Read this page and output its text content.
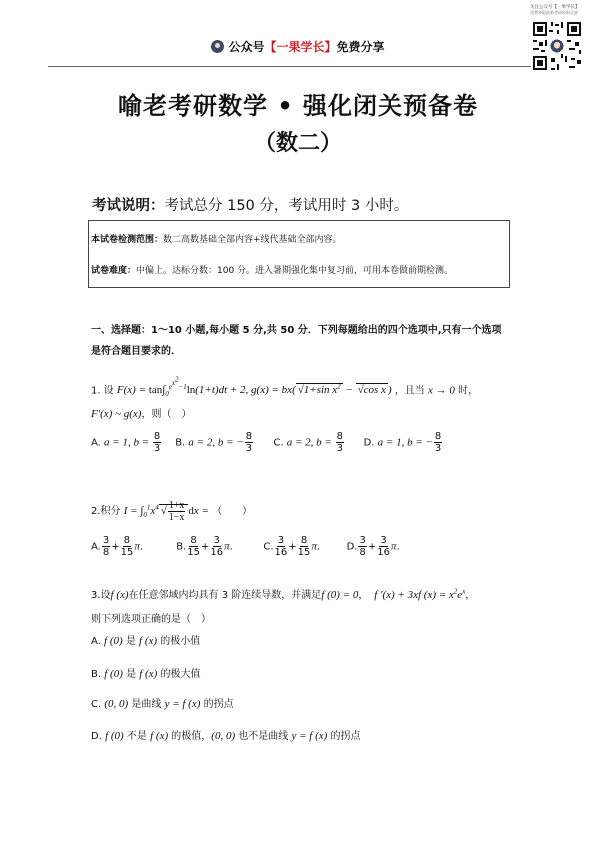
公众号【一果学长】免费分享
关注公众号【一果学长】
免费领取最新考研资料全部
喻老考研数学 • 强化闭关预备卷
（数二）
考试说明：考试总分 150 分，考试用时 3 小时。
本试卷检测范围：数二高数基础全部内容+线代基础全部内容。
试卷难度：中偏上。达标分数：100 分。进入暑期强化集中复习前，可用本卷做前期检测。
一、选择题：1～10 小题,每小题 5 分,共 50 分．下列每题给出的四个选项中,只有一个选项
是符合题目要求的．
1. 设 $F(x) = \tan\int_0^{e^{x^2}-1}\ln(1+t)dt + 2$, g(x) = bx( √1+sin $x^2 - √\cos$ x ) ，且当 x → 0 时，
F'(x) ~ g(x)，则（　）
A. a = 1, $b = \frac{8}{3} B$. a = 2, b = − $\frac{8}{3} C$. a = 2, $b = \frac{8}{3} D$. a = 1, b = − $\frac{8}{3}$
2.积分 $I = \int_0^1x^4$ √ $\frac{1+x}{1-x}$ dx = （　　）
A. $\frac{3}{8} + \frac{8}{15} \pi$.	B. $\frac{8}{15} + \frac{3}{16} \pi$.	C. $\frac{3}{16} + \frac{8}{15} \pi$.	D. $\frac{3}{8} + \frac{3}{16} \pi$.
3.设f (x)在任意邻域内均具有 3 阶连续导数，并满足f (0) = 0，  f '(x) + 3xf $(x) = x^2e^x$，
则下列选项正确的是（　）
A. f (0) 是 f (x) 的极小值
B. f (0) 是 f (x) 的极大值
C. (0, 0) 是曲线 y = f (x) 的拐点
D. f (0) 不是 f (x) 的极值，(0, 0) 也不是曲线 y = f (x) 的拐点
